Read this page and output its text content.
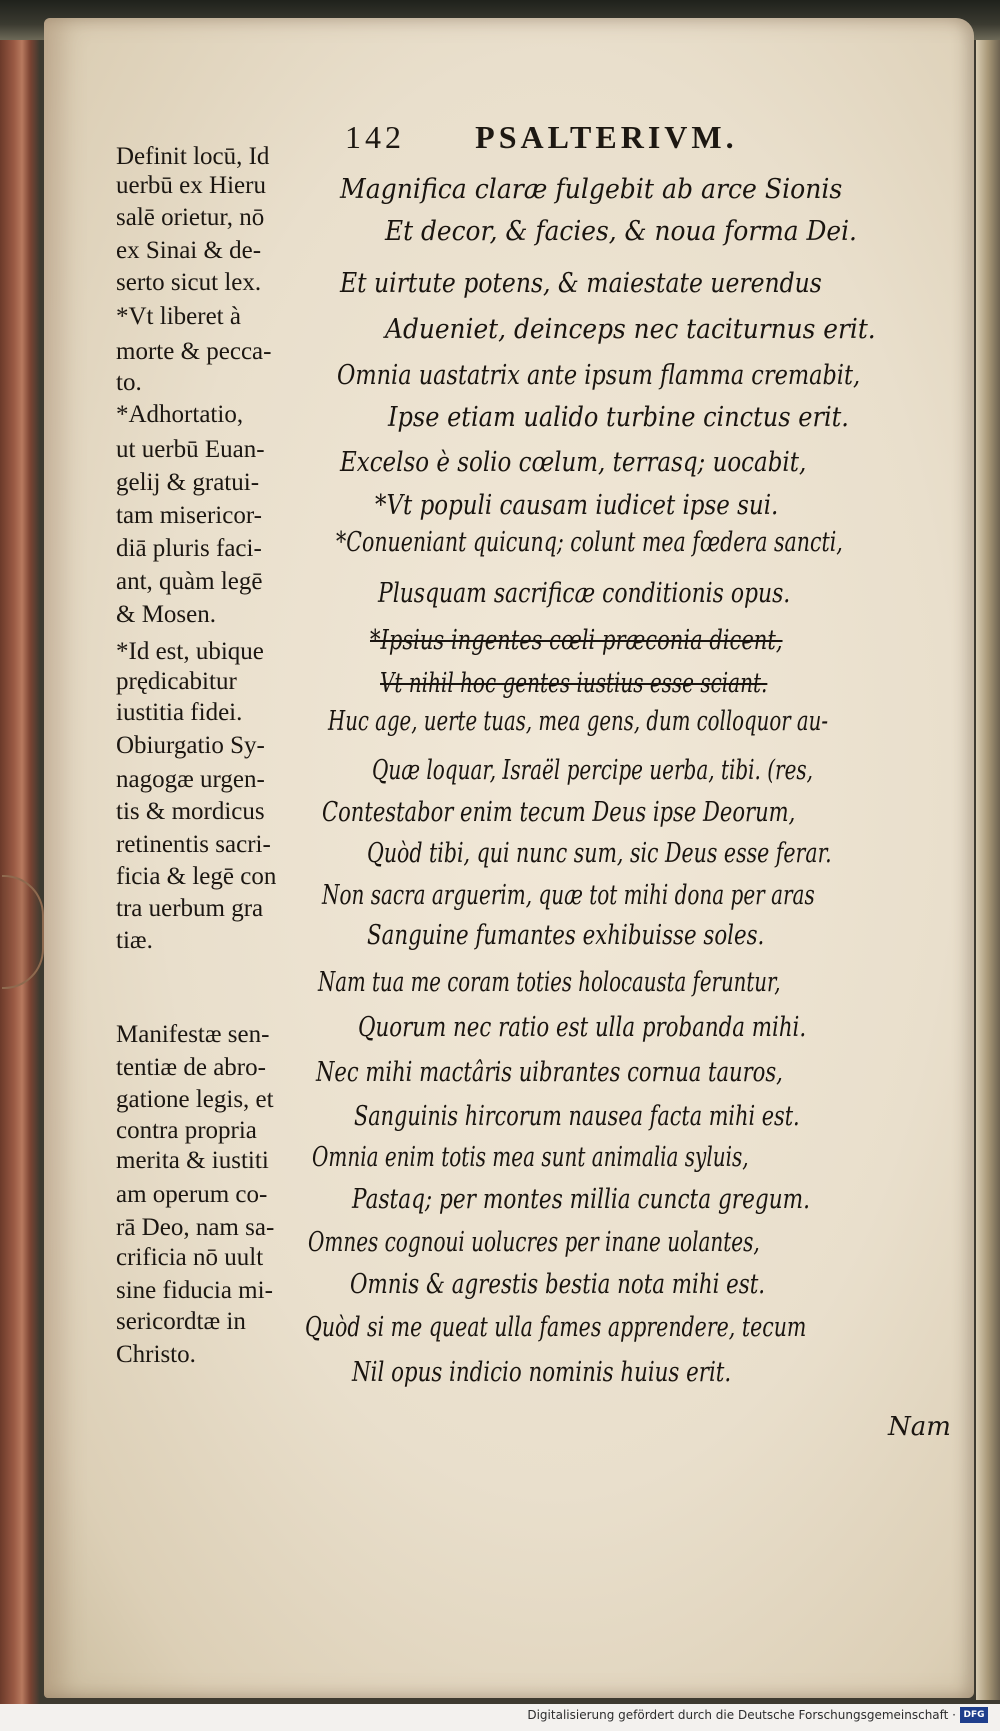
142 PSALTERIVM.
Definit locū, Id
uerbū ex Hieru
salē orietur, nō
ex Sinai & de-
serto sicut lex.
*Vt liberet à
morte & pecca-
to.
*Adhortatio,
ut uerbū Euan-
gelij & gratui-
tam misericor-
diā pluris faci-
ant, quàm legē
& Mosen.
*Id est, ubique
prędicabitur
iustitia fidei.
Obiurgatio Sy-
nagogæ urgen-
tis & mordicus
retinentis sacri-
ficia & legē con
tra uerbum gra
tiæ.
Manifestæ sen-
tentiæ de abro-
gatione legis, et
contra propria
merita & iustiti
am operum co-
rā Deo, nam sa-
crificia nō uult
sine fiducia mi-
sericordtæ in
Christo.
Magnifica claræ fulgebit ab arce Sionis
Et decor, & facies, & noua forma Dei.
Et uirtute potens, & maiestate uerendus
Adueniet, deinceps nec taciturnus erit.
Omnia uastatrix ante ipsum flamma cremabit,
Ipse etiam ualido turbine cinctus erit.
Excelso è solio cœlum, terrasq; uocabit,
*Vt populi causam iudicet ipse sui.
*Conueniant quicunq; colunt mea fœdera sancti,
Plusquam sacrificæ conditionis opus.
*Ipsius ingentes cœli præconia dicent,
Vt nihil hoc gentes iustius esse sciant.
Huc age, uerte tuas, mea gens, dum colloquor au-
Quæ loquar, Israël percipe uerba, tibi. (res,
Contestabor enim tecum Deus ipse Deorum,
Quòd tibi, qui nunc sum, sic Deus esse ferar.
Non sacra arguerim, quæ tot mihi dona per aras
Sanguine fumantes exhibuisse soles.
Nam tua me coram toties holocausta feruntur,
Quorum nec ratio est ulla probanda mihi.
Nec mihi mactâris uibrantes cornua tauros,
Sanguinis hircorum nausea facta mihi est.
Omnia enim totis mea sunt animalia syluis,
Pastaq; per montes millia cuncta gregum.
Omnes cognoui uolucres per inane uolantes,
Omnis & agrestis bestia nota mihi est.
Quòd si me queat ulla fames apprendere, tecum
Nil opus indicio nominis huius erit.
Nam
Digitalisierung gefördert durch die Deutsche Forschungsgemeinschaft · DFG
